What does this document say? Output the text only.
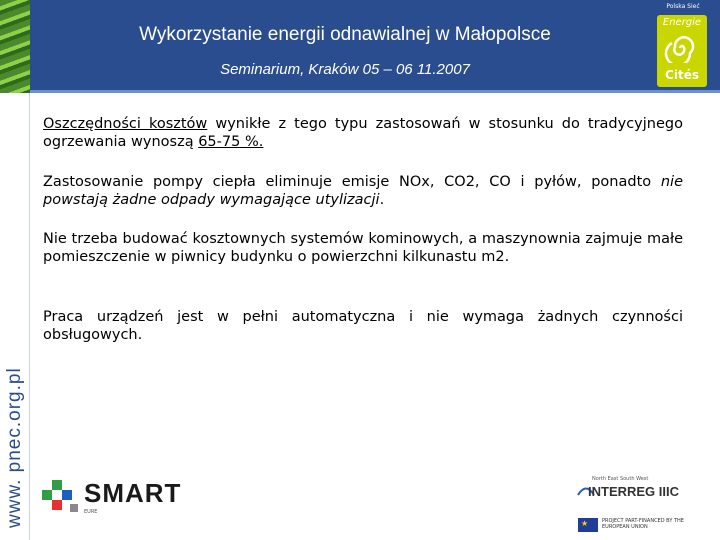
Wykorzystanie energii odnawialnej w Małopolsce
Seminarium, Kraków 05 – 06 11.2007
Polska Sieć
Energie
Cités
www. pnec.org.pl

Oszczędności kosztów wynikłe z tego typu zastosowań w stosunku do tradycyjnego ogrzewania wynoszą 65-75 %.

Zastosowanie pompy ciepła eliminuje emisje NOx, CO2, CO i pyłów, ponadto nie powstają żadne odpady wymagające utylizacji.

Nie trzeba budować kosztownych systemów kominowych, a maszynownia zajmuje małe pomieszczenie w piwnicy budynku o powierzchni kilkunastu m2.

Praca urządzeń jest w pełni automatyczna i nie wymaga żadnych czynności obsługowych.

SMART
EURE
North East South West
INTERREG IIIC
★	PROJECT PART-FINANCED BY THE EUROPEAN UNION
